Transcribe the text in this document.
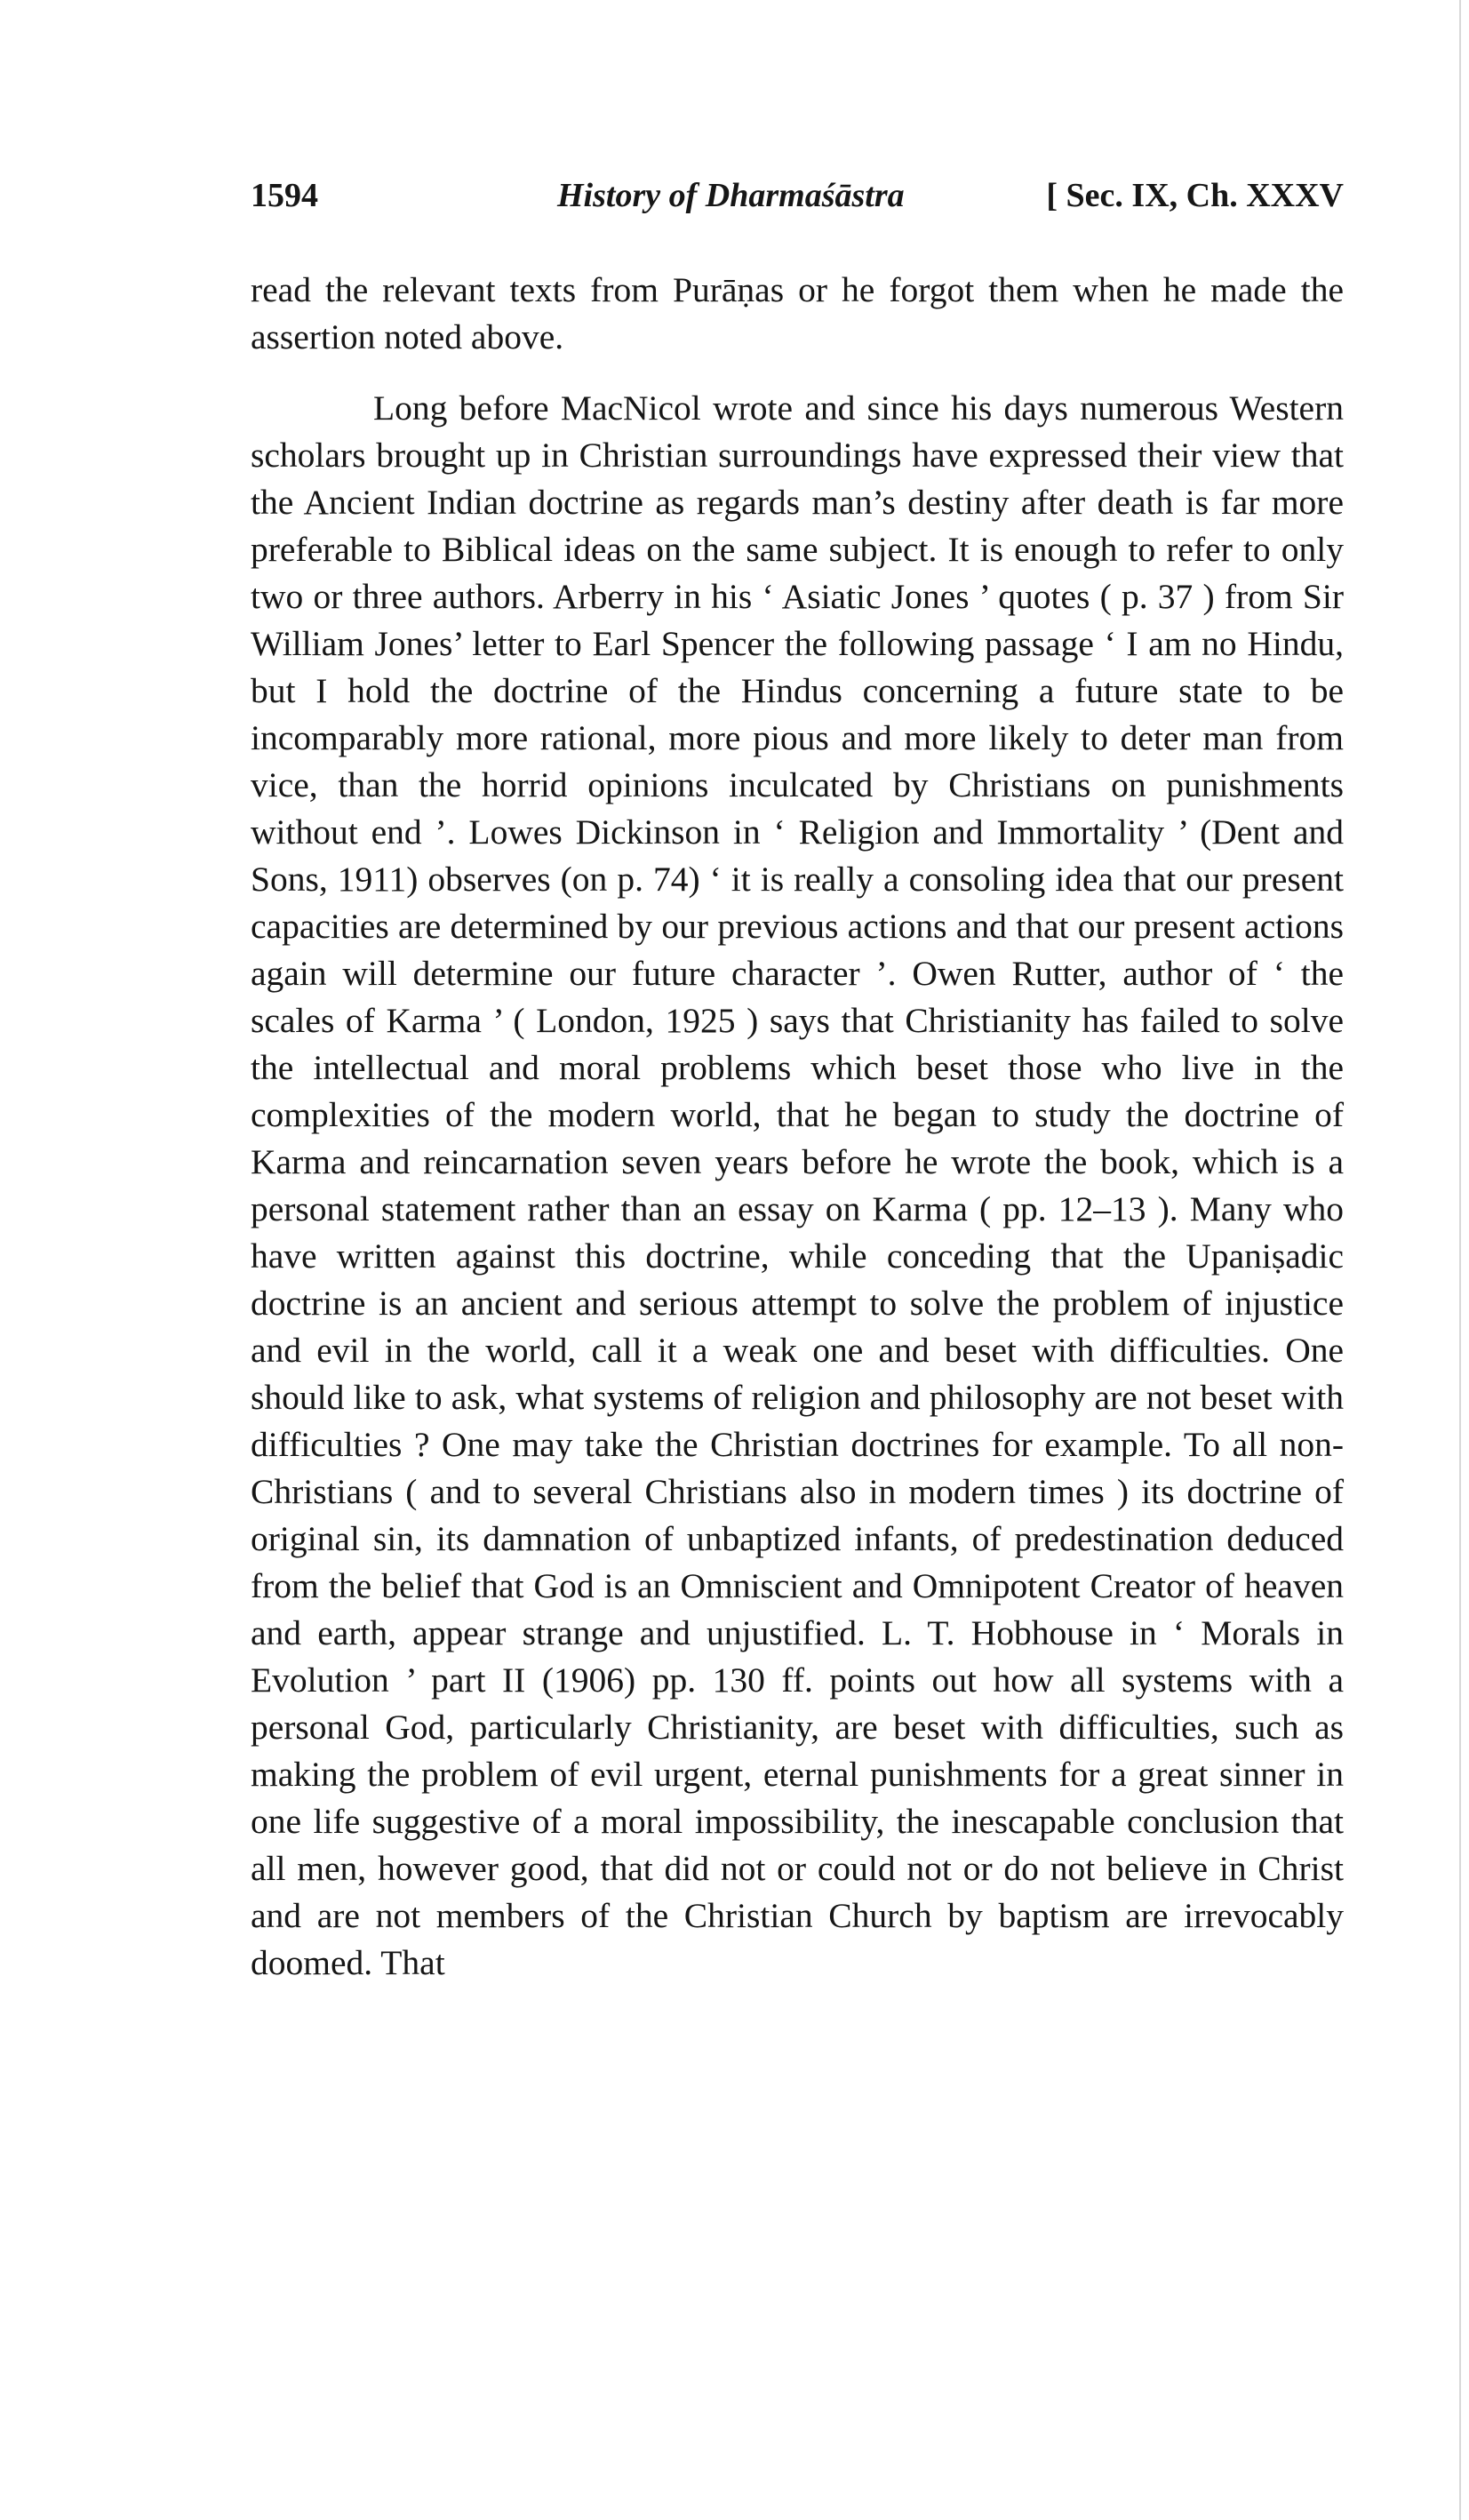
1594	History of Dharmaśāstra	[ Sec. IX, Ch. XXXV

read the relevant texts from Purāṇas or he forgot them when he made the assertion noted above.

Long before MacNicol wrote and since his days numerous Western scholars brought up in Christian surroundings have expressed their view that the Ancient Indian doctrine as regards man’s destiny after death is far more preferable to Biblical ideas on the same subject. It is enough to refer to only two or three authors. Arberry in his ‘ Asiatic Jones ’ quotes ( p. 37 ) from Sir William Jones’ letter to Earl Spencer the following passage ‘ I am no Hindu, but I hold the doctrine of the Hindus concerning a future state to be incomparably more rational, more pious and more likely to deter man from vice, than the horrid opinions inculcated by Christians on punishments without end ’. Lowes Dickinson in ‘ Religion and Immortality ’ (Dent and Sons, 1911) observes (on p. 74) ‘ it is really a consoling idea that our present capacities are determined by our previous actions and that our present actions again will determine our future character ’. Owen Rutter, author of ‘ the scales of Karma ’ ( London, 1925 ) says that Christianity has failed to solve the intellectual and moral problems which beset those who live in the complexities of the modern world, that he began to study the doctrine of Karma and reincarnation seven years before he wrote the book, which is a personal statement rather than an essay on Karma ( pp. 12–13 ). Many who have written against this doctrine, while conceding that the Upaniṣadic doctrine is an ancient and serious attempt to solve the problem of injustice and evil in the world, call it a weak one and beset with difficulties. One should like to ask, what systems of religion and philosophy are not beset with difficulties ? One may take the Christian doctrines for example. To all non-Christians ( and to several Christians also in modern times ) its doctrine of original sin, its damnation of unbaptized infants, of predestination deduced from the belief that God is an Omniscient and Omnipotent Creator of heaven and earth, appear strange and unjustified. L. T. Hobhouse in ‘ Morals in Evolution ’ part II (1906) pp. 130 ff. points out how all systems with a personal God, particularly Christianity, are beset with difficulties, such as making the problem of evil urgent, eternal punishments for a great sinner in one life suggestive of a moral impossibility, the inescapable conclusion that all men, however good, that did not or could not or do not believe in Christ and are not members of the Christian Church by baptism are irrevocably doomed. That
